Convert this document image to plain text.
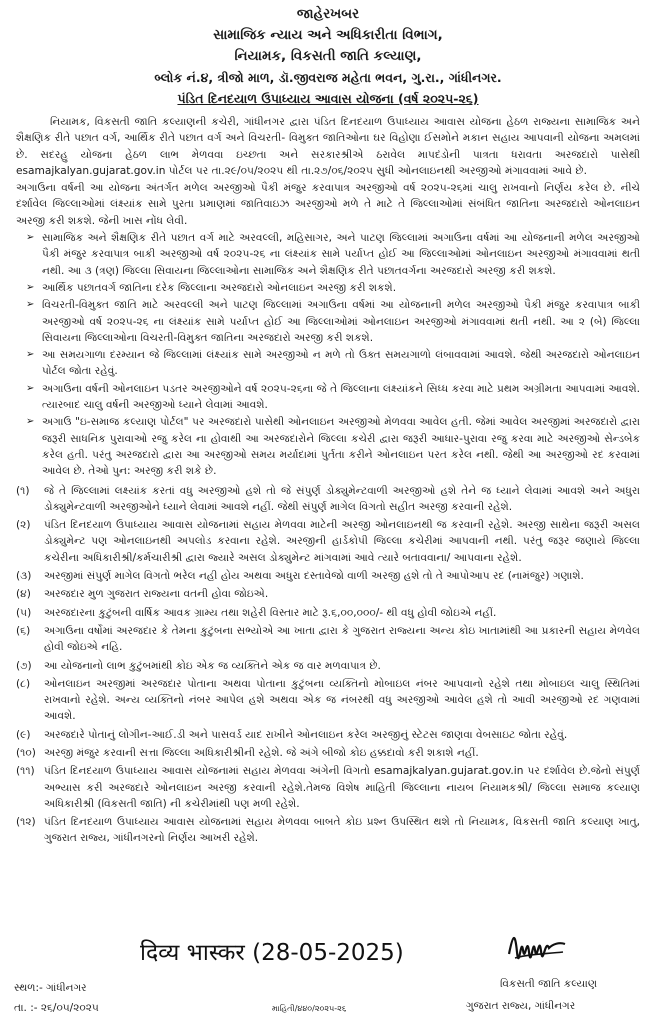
જાહેરખબર
સામાજિક ન્યાય અને અધિકારીતા વિભાગ,
નિયામક, વિકસતી જાતિ કલ્યાણ,
બ્લોક નં.૪, ત્રીજો માળ, ડૉ.જીવરાજ મહેતા ભવન, ગુ.રા., ગાંધીનગર.
પંડિત દિનદયાળ ઉપાધ્યાય આવાસ યોજના (વર્ષ ૨૦૨૫-૨૬)

નિયામક, વિકસતી જાતિ કલ્યાણની કચેરી, ગાંધીનગર દ્વારા પંડિત દિનદયાળ ઉપાધ્યાય આવાસ યોજના હેઠળ રાજ્યના સામાજિક અને શૈક્ષણિક રીતે પછાત વર્ગ, આર્થિક રીતે પછાત વર્ગ અને વિચરતી- વિમુક્ત જાતિઓના ઘર વિહોણા ઈસમોને મકાન સહાય આપવાની યોજના અમલમાં છે. સદરહુ યોજના હેઠળ લાભ મેળવવા ઇચ્છતા અને સરકારશ્રીએ ઠરાવેલ માપદંડોની પાત્રતા ધરાવતા અરજદારો પાસેથી esamajkalyan.gujarat.gov.in પોર્ટલ પર તા.૨૯/૦૫/૨૦૨૫ થી તા.૨૭/૦૬/૨૦૨૫ સુધી ઓનલાઇનથી અરજીઓ મંગાવવામાં આવે છે.

અગાઉના વર્ષની આ યોજના અંતર્ગત મળેલ અરજીઓ પૈકી મંજુર કરવાપાત્ર અરજીઓ વર્ષ ૨૦૨૫-૨૬માં ચાલુ રાખવાનો નિર્ણય કરેલ છે. નીચે દર્શાવેલ જિલ્લાઓમાં લંક્ષ્યાંક સામે પુરતા પ્રમાણમાં જાતિવાઇઝ અરજીઓ મળે તે માટે તે જિલ્લાઓમાં સંબંધિત જાતિના અરજદારો ઓનલાઇન અરજી કરી શકશે. જેની ખાસ નોંધ લેવી.

➢ સામાજિક અને શૈક્ષણિક રીતે પછાત વર્ગ માટે અરવલ્લી, મહિસાગર, અને પાટણ જિલ્લામાં અગાઉના વર્ષમાં આ યોજનાની મળેલ અરજીઓ પૈકી મંજુર કરવાપાત્ર બાકી અરજીઓ વર્ષ ૨૦૨૫-૨૬ ના લંક્ષ્યાંક સામે પર્યાપ્ત હોઈ આ જિલ્લાઓમાં ઓનલાઇન અરજીઓ મંગાવવામાં થતી નથી. આ ૩ (ત્રણ) જિલ્લા સિવાયના જિલ્લાઓના સામાજિક અને શૈક્ષણિક રીતે પછાતવર્ગના અરજદારો અરજી કરી શકશે.
➢ આર્થિક પછાતવર્ગ જાતિના દરેક જિલ્લાના અરજદારો ઓનલાઇન અરજી કરી શકશે.
➢ વિચરતી-વિમુક્ત જાતિ માટે અરવલ્લી અને પાટણ જિલ્લામાં અગાઉના વર્ષમાં આ યોજનાની મળેલ અરજીઓ પૈકી મંજુર કરવાપાત્ર બાકી અરજીઓ વર્ષ ૨૦૨૫-૨૬ ના લંક્ષ્યાંક સામે પર્યાપ્ત હોઈ આ જિલ્લાઓમાં ઓનલાઇન અરજીઓ મંગાવવામાં થતી નથી. આ ૨ (બે) જિલ્લા સિવાયના જિલ્લાઓના વિચરતી-વિમુક્ત જાતિના અરજદારો અરજી કરી શકશે.
➢ આ સમયગાળા દરમ્યાન જે જિલ્લામાં લંક્ષ્યાંક સામે અરજીઓ ન મળે તો ઉક્ત સમયગાળો લંબાવવામાં આવશે. જેથી અરજદારો ઓનલાઇન પોર્ટલ જોતા રહેવું.
➢ અગાઉના વર્ષની ઓનલાઇન પડતર અરજીઓને વર્ષ ૨૦૨૫-૨૬ના જે તે જિલ્લાના લંક્ષ્યાંકને સિધ્ધ કરવા માટે પ્રથમ અગ્રીમતા આપવામાં આવશે. ત્યારબાદ ચાલુ વર્ષની અરજીઓ ધ્યાને લેવામાં આવશે.
➢ અગાઉ "ઇ-સમાજ કલ્યાણ પોર્ટલ" પર અરજદારો પાસેથી ઓનલાઇન અરજીઓ મેળવવા આવેલ હતી. જેમાં આવેલ અરજીમાં અરજદારો દ્વારા જરૂરી સાધનિક પુરાવાઓ રજુ કરેલ ના હોવાથી આ અરજદારોને જિલ્લા કચેરી દ્વારા જરૂરી આધાર-પુરાવા રજુ કરવા માટે અરજીઓ સેન્ડબેક કરેલ હતી. પરંતુ અરજદારો દ્વારા આ અરજીઓ સમય મર્યાદામાં પુર્તતા કરીને ઓનલાઇન પરત કરેલ નથી. જેથી આ અરજીઓ રદ કરવામાં આવેલ છે. તેઓ પુન: અરજી કરી શકે છે.
(૧)	જે તે જિલ્લામાં લક્ષ્યાંક કરતાં વધુ અરજીઓ હશે તો જે સંપુર્ણ ડોક્યુમેન્ટવાળી અરજીઓ હશે તેને જ ધ્યાને લેવામાં આવશે અને અધુરા ડોક્યુમેન્ટવાળી અરજીઓને ધ્યાને લેવામાં આવશે નહીં. જેથી સંપુર્ણ માગેલ વિગતો સહીત અરજી કરવાની રહેશે.
(૨)	પંડિત દિનદયાળ ઉપાધ્યાય આવાસ યોજનામાં સહાય મેળવવા માટેની અરજી ઓનલાઇનથી જ કરવાની રહેશે. અરજી સાથેના જરૂરી અસલ ડોક્યુમેન્ટ પણ ઓનલાઇનથી અપલોડ કરવાના રહેશે. અરજીની હાર્ડકોપી જિલ્લા કચેરીમાં આપવાની નથી. પરંતુ જરૂર જણાયે જિલ્લા કચેરીના અધિકારીશ્રી/કર્મચારીશ્રી દ્વારા જ્યારે અસલ ડોક્યુમેન્ટ માંગવામાં આવે ત્યારે બતાવવાના/ આપવાના રહેશે.
(૩)	અરજીમાં સંપુર્ણ માગેલ વિગતો ભરેલ નહી હોય અથવા અધુરા દસ્તાવેજો વાળી અરજી હશે તો તે આપોઆપ રદ (નામંજુર) ગણાશે.
(૪)	અરજદાર મુળ ગુજરાત રાજ્યના વતની હોવા જોઇએ.
(૫)	અરજદારના કુટુંબની વાર્ષિક આવક ગ્રામ્ય તથા શહેરી વિસ્તાર માટે રૂ.૬,૦૦,૦૦૦/- થી વધુ હોવી જોઇએ નહીં.
(૬)	અગાઉના વર્ષોમાં અરજદાર કે તેમના કુટુંબના સભ્યોએ આ ખાતા દ્વારા કે ગુજરાત રાજ્યના અન્ય કોઇ ખાતામાંથી આ પ્રકારની સહાય મેળવેલ હોવી જોઇએ નહિ.
(૭)	આ યોજનાનો લાભ કુટુંબમાંથી કોઇ એક જ વ્યક્તિને એક જ વાર મળવાપાત્ર છે.
(૮)	ઓનલાઇન અરજીમાં અરજદાર પોતાના અથવા પોતાના કુટુંબના વ્યક્તિનો મોબાઇલ નંબર આપવાનો રહેશે તથા મોબાઇલ ચાલુ સ્થિતિમાં રાખવાનો રહેશે. અન્ય વ્યક્તિનો નંબર આપેલ હશે અથવા એક જ નંબરથી વધુ અરજીઓ આવેલ હશે તો આવી અરજીઓ રદ ગણવામાં આવશે.
(૯)	અરજદારે પોતાનું લોગીન-આઈ.ડી અને પાસવર્ડ યાદ રાખીને ઓનલાઇન કરેલ અરજીનું સ્ટેટસ જાણવા વેબસાઇટ જોતા રહેવું.
(૧૦) અરજી મંજુર કરવાની સત્તા જિલ્લા અધિકારીશ્રીની રહેશે. જે અંગે બીજો કોઇ હક્કદાવો કરી શકાશે નહીં.
(૧૧) પંડિત દિનદયાળ ઉપાધ્યાય આવાસ યોજનામાં સહાય મેળવવા અંગેની વિગતો esamajkalyan.gujarat.gov.in પર દર્શાવેલ છે.જેનો સંપુર્ણ અભ્યાસ કરી અરજદારે ઓનલાઇન અરજી કરવાની રહેશે.તેમજ વિશેષ માહિતી જિલ્લાના નાયબ નિયામકશ્રી/ જિલ્લા સમાજ કલ્યાણ અધિકારીશ્રી (વિકસતી જાતિ) ની કચેરીમાંથી પણ મળી રહેશે.
(૧૨) પંડિત દિનદયાળ ઉપાધ્યાય આવાસ યોજનામાં સહાય મેળવવા બાબતે કોઇ પ્રશ્ન ઉપસ્થિત થશે તો નિયામક, વિકસતી જાતિ કલ્યાણ ખાતુ, ગુજરાત રાજ્ય, ગાંધીનગરનો નિર્ણય આખરી રહેશે.
दिव्य भास्कर (28-05-2025)
સ્થળ:- ગાંધીનગર
તા. :- ૨૬/૦૫/૨૦૨૫	માહિતી/૪૪૦/૨૦૨૫-૨૬
વિકસતી જાતિ કલ્યાણ
ગુજરાત રાજ્ય, ગાંધીનગર
